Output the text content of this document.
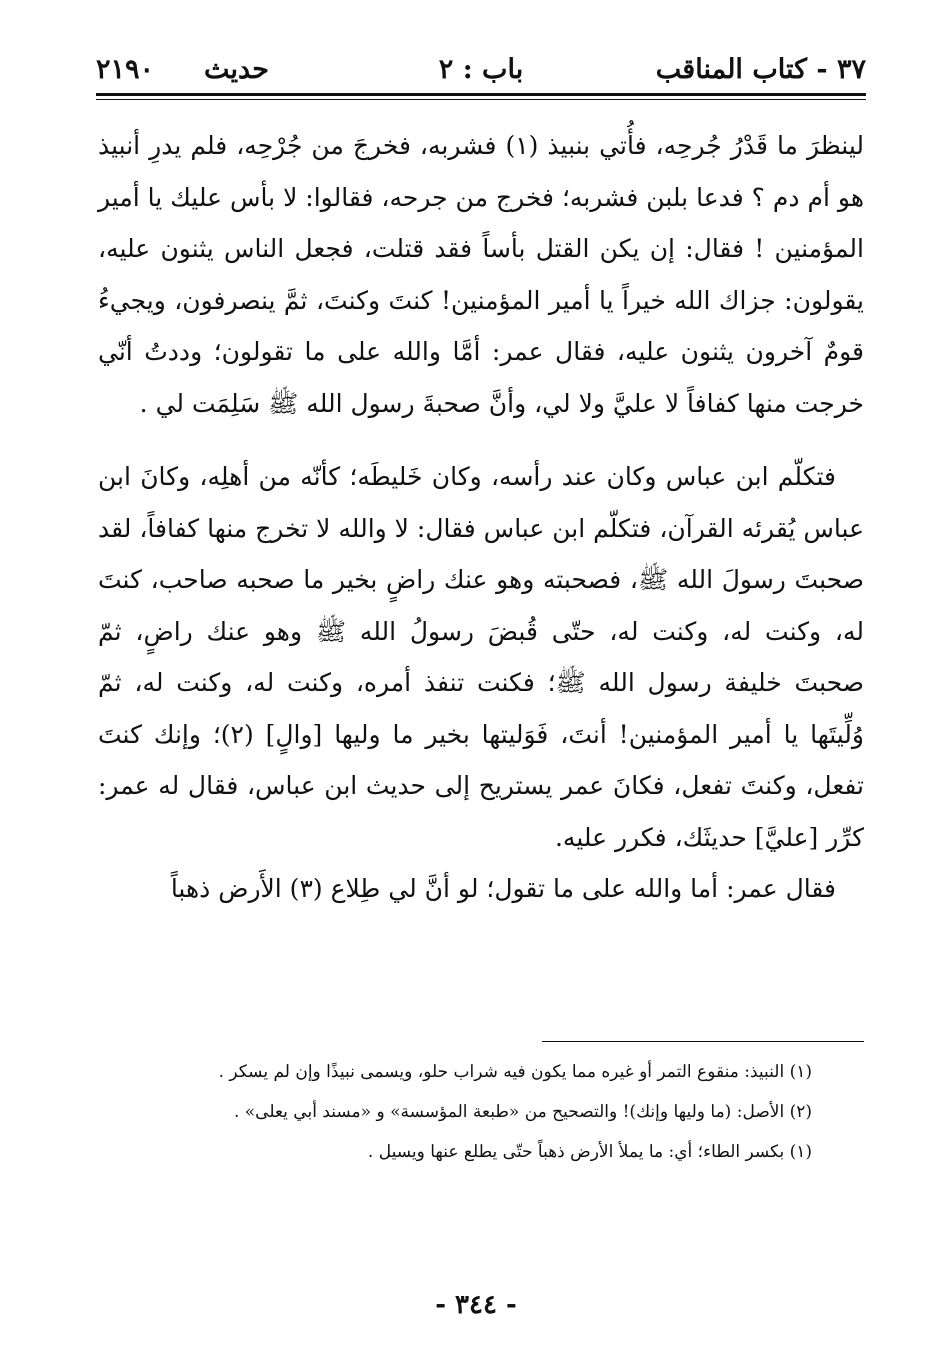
٣٧ - كتاب المناقب
باب : ٢
حديث
٢١٩٠

لينظرَ ما قَدْرُ جُرحِه، فأُتي بنبيذ (١) فشربه، فخرجَ من جُرْحِه، فلم يدرِ أنبيذ هو أم دم ؟ فدعا بلبن فشربه؛ فخرج من جرحه، فقالوا: لا بأس عليك يا أمير المؤمنين ! فقال: إن يكن القتل بأساً فقد قتلت، فجعل الناس يثنون عليه، يقولون: جزاك الله خيراً يا أمير المؤمنين! كنتَ وكنتَ، ثمَّ ينصرفون، ويجيءُ قومٌ آخرون يثنون عليه، فقال عمر: أمَّا والله على ما تقولون؛ وددتُ أنّي خرجت منها كفافاً لا عليَّ ولا لي، وأنَّ صحبةَ رسول الله ﷺ سَلِمَت لي .

فتكلّم ابن عباس وكان عند رأسه، وكان خَليطَه؛ كأنّه من أهلِه، وكانَ ابن عباس يُقرئه القرآن، فتكلّم ابن عباس فقال: لا والله لا تخرج منها كفافاً، لقد صحبتَ رسولَ الله ﷺ، فصحبته وهو عنك راضٍ بخير ما صحبه صاحب، كنتَ له، وكنت له، وكنت له، حتّى قُبضَ رسولُ الله ﷺ وهو عنك راضٍ، ثمّ صحبتَ خليفة رسول الله ﷺ؛ فكنت تنفذ أمره، وكنت له، وكنت له، ثمّ وُلِّيتَها يا أمير المؤمنين! أنتَ، فَوَليتها بخير ما وليها [والٍ] (٢)؛ وإنك كنتَ تفعل، وكنتَ تفعل، فكانَ عمر يستريح إلى حديث ابن عباس، فقال له عمر: كرِّر [عليَّ] حديثَك، فكرر عليه.

فقال عمر: أما والله على ما تقول؛ لو أنَّ لي طِلاع (٣) الأَرض ذهباً

(١) النبيذ: منقوع التمر أو غيره مما يكون فيه شراب حلو، ويسمى نبيذًا وإن لم يسكر .
(٢) الأصل: (ما وليها وإنك)! والتصحيح من «طبعة المؤسسة» و «مسند أبي يعلى» .
(١) بكسر الطاء؛ أي: ما يملأ الأرض ذهباً حتّى يطلع عنها ويسيل .
- ٣٤٤ -
